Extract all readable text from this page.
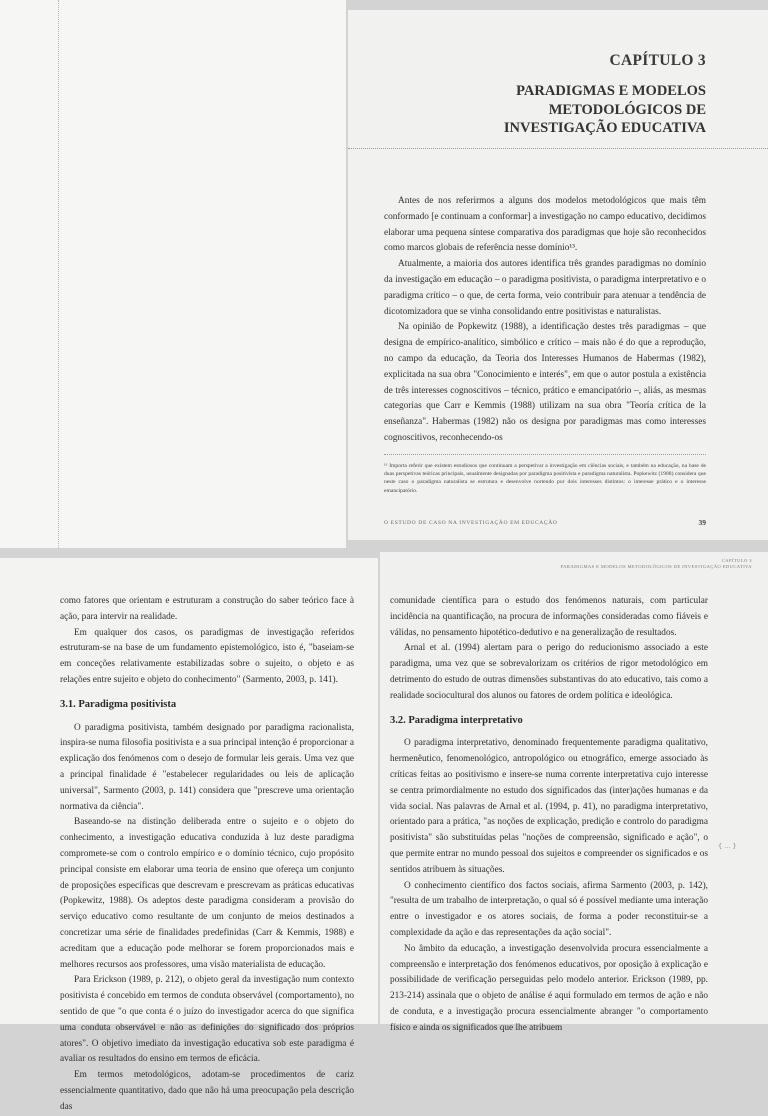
CAPÍTULO 3
PARADIGMAS E MODELOS
METODOLÓGICOS DE
INVESTIGAÇÃO EDUCATIVA

Antes de nos referirmos a alguns dos modelos metodológicos que mais têm conformado [e continuam a conformar] a investigação no campo educativo, decidimos elaborar uma pequena síntese comparativa dos paradigmas que hoje são reconhecidos como marcos globais de referência nesse domínio¹³.

Atualmente, a maioria dos autores identifica três grandes paradigmas no domínio da investigação em educação – o paradigma positivista, o paradigma interpretativo e o paradigma crítico – o que, de certa forma, veio contribuir para atenuar a tendência de dicotomizadora que se vinha consolidando entre positivistas e naturalistas.

Na opinião de Popkewitz (1988), a identificação destes três paradigmas – que designa de empírico-analítico, simbólico e crítico – mais não é do que a reprodução, no campo da educação, da Teoria dos Interesses Humanos de Habermas (1982), explicitada na sua obra "Conocimiento e interés", em que o autor postula a existência de três interesses cognoscitivos – técnico, prático e emancipatório –, aliás, as mesmas categorias que Carr e Kemmis (1988) utilizam na sua obra "Teoría crítica de la enseñanza". Habermas (1982) não os designa por paradigmas mas como interesses cognoscitivos, reconhecendo-os

¹³ Importa referir que existem estudiosos que continuam a perspetivar a investigação em ciências sociais, e também na educação, na base de duas perspetivas teóricas principais, usualmente designadas por paradigma positivista e paradigma naturalista. Popkewitz (1988) considera que neste caso o paradigma naturalista se estrutura e desenvolve nortendo por dois interesses distintos: o interesse prático e o interesse emancipatório.
O ESTUDO DE CASO NA INVESTIGAÇÃO EM EDUCAÇÃO	39

como fatores que orientam e estruturam a construção do saber teórico face à ação, para intervir na realidade.

Em qualquer dos casos, os paradigmas de investigação referidos estruturam-se na base de um fundamento epistemológico, isto é, "baseiam-se em conceções relativamente estabilizadas sobre o sujeito, o objeto e as relações entre sujeito e objeto do conhecimento" (Sarmento, 2003, p. 141).

3.1. Paradigma positivista

O paradigma positivista, também designado por paradigma racionalista, inspira-se numa filosofia positivista e a sua principal intenção é proporcionar a explicação dos fenómenos com o desejo de formular leis gerais. Uma vez que a principal finalidade é "estabelecer regularidades ou leis de aplicação universal", Sarmento (2003, p. 141) considera que "prescreve uma orientação normativa da ciência".

Baseando-se na distinção deliberada entre o sujeito e o objeto do conhecimento, a investigação educativa conduzida à luz deste paradigma compromete-se com o controlo empírico e o domínio técnico, cujo propósito principal consiste em elaborar uma teoria de ensino que ofereça um conjunto de proposições específicas que descrevam e prescrevam as práticas educativas (Popkewitz, 1988). Os adeptos deste paradigma consideram a provisão do serviço educativo como resultante de um conjunto de meios destinados a concretizar uma série de finalidades predefinidas (Carr & Kemmis, 1988) e acreditam que a educação pode melhorar se forem proporcionados mais e melhores recursos aos professores, uma visão materialista de educação.

Para Erickson (1989, p. 212), o objeto geral da investigação num contexto positivista é concebido em termos de conduta observável (comportamento), no sentido de que "o que conta é o juízo do investigador acerca do que significa uma conduta observável e não as definições do significado dos próprios atores". O objetivo imediato da investigação educativa sob este paradigma é avaliar os resultados do ensino em termos de eficácia.

Em termos metodológicos, adotam-se procedimentos de cariz essencialmente quantitativo, dado que não há uma preocupação pela descrição das

CAPÍTULO 3
PARADIGMAS E MODELOS METODOLÓGICOS DE INVESTIGAÇÃO EDUCATIVA

comunidade científica para o estudo dos fenómenos naturais, com particular incidência na quantificação, na procura de informações consideradas como fiáveis e válidas, no pensamento hipotético-dedutivo e na generalização de resultados.

Arnal et al. (1994) alertam para o perigo do reducionismo associado a este paradigma, uma vez que se sobrevalorizam os critérios de rigor metodológico em detrimento do estudo de outras dimensões substantivas do ato educativo, tais como a realidade sociocultural dos alunos ou fatores de ordem política e ideológica.

3.2. Paradigma interpretativo

O paradigma interpretativo, denominado frequentemente paradigma qualitativo, hermenêutico, fenomenológico, antropológico ou etnográfico, emerge associado às críticas feitas ao positivismo e insere-se numa corrente interpretativa cujo interesse se centra primordialmente no estudo dos significados das (inter)ações humanas e da vida social. Nas palavras de Arnal et al. (1994, p. 41), no paradigma interpretativo, orientado para a prática, "as noções de explicação, predição e controlo do paradigma positivista" são substituídas pelas "noções de compreensão, significado e ação", o que permite entrar no mundo pessoal dos sujeitos e compreender os significados e os sentidos atribuem às situações.

O conhecimento científico dos factos sociais, afirma Sarmento (2003, p. 142), "resulta de um trabalho de interpretação, o qual só é possível mediante uma interação entre o investigador e os atores sociais, de forma a poder reconstituir-se a complexidade da ação e das representações da ação social".

No âmbito da educação, a investigação desenvolvida procura essencialmente a compreensão e interpretação dos fenómenos educativos, por oposição à explicação e possibilidade de verificação perseguidas pelo modelo anterior. Erickson (1989, pp. 213-214) assinala que o objeto de análise é aqui formulado em termos de ação e não de conduta, e a investigação procura essencialmente abranger "o comportamento físico e ainda os significados que lhe atribuem

{ ... }
